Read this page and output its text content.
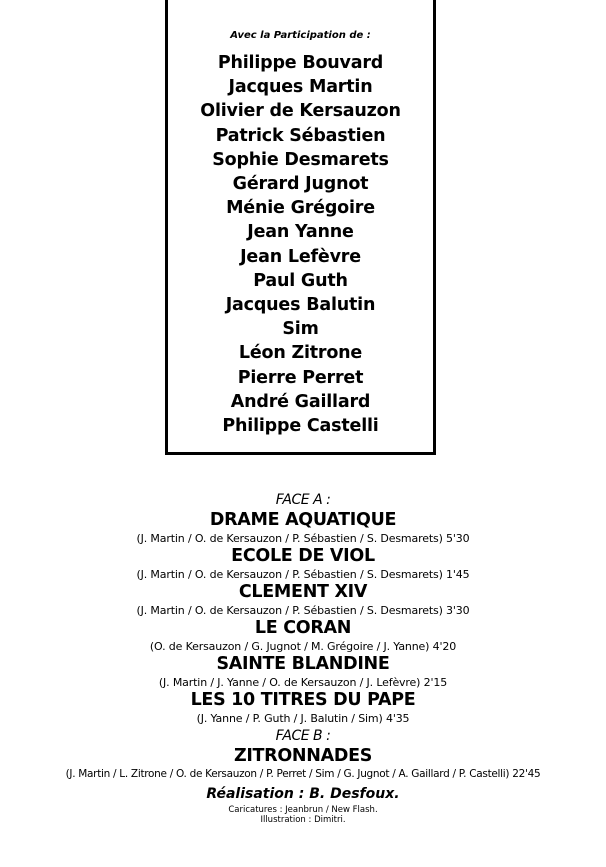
Avec la Participation de :
Philippe Bouvard
Jacques Martin
Olivier de Kersauzon
Patrick Sébastien
Sophie Desmarets
Gérard Jugnot
Ménie Grégoire
Jean Yanne
Jean Lefèvre
Paul Guth
Jacques Balutin
Sim
Léon Zitrone
Pierre Perret
André Gaillard
Philippe Castelli
FACE A :
DRAME AQUATIQUE
(J. Martin / O. de Kersauzon / P. Sébastien / S. Desmarets) 5'30
ECOLE DE VIOL
(J. Martin / O. de Kersauzon / P. Sébastien / S. Desmarets) 1'45
CLEMENT XIV
(J. Martin / O. de Kersauzon / P. Sébastien / S. Desmarets) 3'30
LE CORAN
(O. de Kersauzon / G. Jugnot / M. Grégoire / J. Yanne) 4'20
SAINTE BLANDINE
(J. Martin / J. Yanne / O. de Kersauzon / J. Lefèvre) 2'15
LES 10 TITRES DU PAPE
(J. Yanne / P. Guth / J. Balutin / Sim) 4'35
FACE B :
ZITRONNADES
(J. Martin / L. Zitrone / O. de Kersauzon / P. Perret / Sim / G. Jugnot / A. Gaillard / P. Castelli) 22'45
Réalisation : B. Desfoux.
Caricatures : Jeanbrun / New Flash.
Illustration : Dimitri.
